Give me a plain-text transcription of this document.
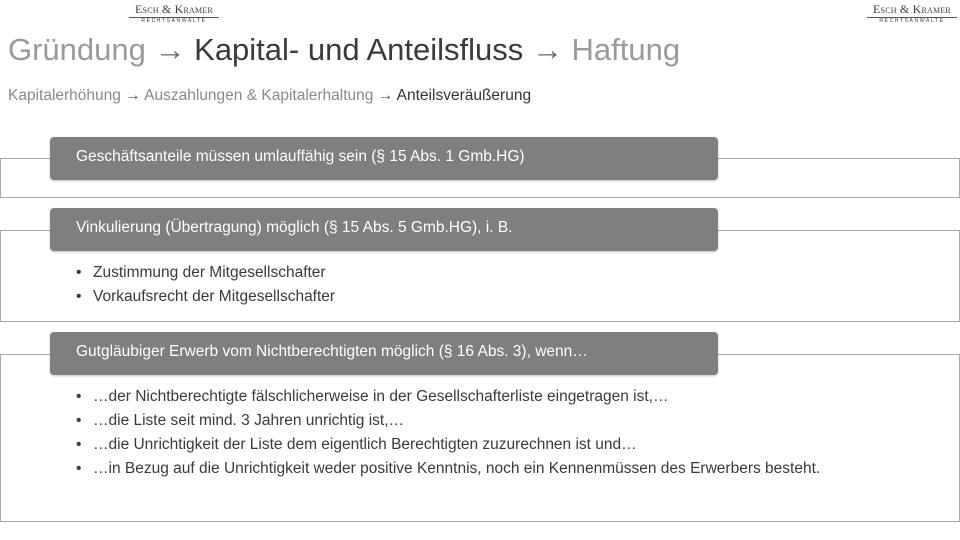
Esch & Kramer
RECHTSANWÄLTE
Esch & Kramer
RECHTSANWÄLTE
Gründung → Kapital- und Anteilsfluss → Haftung
Kapitalerhöhung → Auszahlungen & Kapitalerhaltung → Anteilsveräußerung
Geschäftsanteile müssen umlauffähig sein (§ 15 Abs. 1 Gmb.HG)
Vinkulierung (Übertragung) möglich (§ 15 Abs. 5 Gmb.HG), i. B.
• Zustimmung der Mitgesellschafter
• Vorkaufsrecht der Mitgesellschafter
Gutgläubiger Erwerb vom Nichtberechtigten möglich (§ 16 Abs. 3), wenn…
• …der Nichtberechtigte fälschlicherweise in der Gesellschafterliste eingetragen ist,…
• …die Liste seit mind. 3 Jahren unrichtig ist,…
• …die Unrichtigkeit der Liste dem eigentlich Berechtigten zuzurechnen ist und…
• …in Bezug auf die Unrichtigkeit weder positive Kenntnis, noch ein Kennenmüssen des Erwerbers besteht.
